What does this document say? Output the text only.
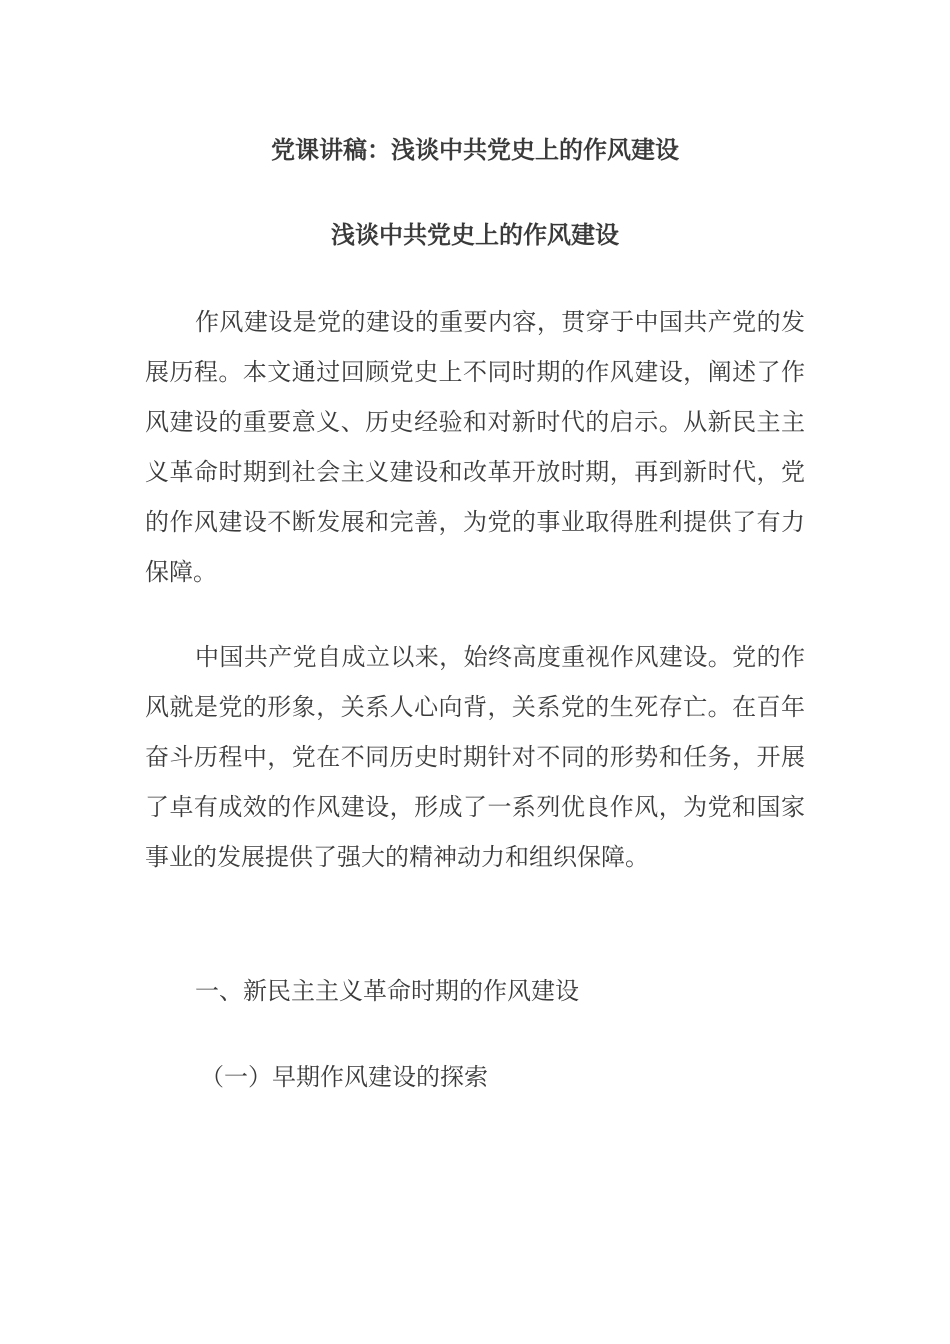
党课讲稿：浅谈中共党史上的作风建设
浅谈中共党史上的作风建设

作风建设是党的建设的重要内容，贯穿于中国共产党的发展历程。本文通过回顾党史上不同时期的作风建设，阐述了作风建设的重要意义、历史经验和对新时代的启示。从新民主主义革命时期到社会主义建设和改革开放时期，再到新时代，党的作风建设不断发展和完善，为党的事业取得胜利提供了有力保障。

中国共产党自成立以来，始终高度重视作风建设。党的作风就是党的形象，关系人心向背，关系党的生死存亡。在百年奋斗历程中，党在不同历史时期针对不同的形势和任务，开展了卓有成效的作风建设，形成了一系列优良作风，为党和国家事业的发展提供了强大的精神动力和组织保障。

一、新民主主义革命时期的作风建设

（一）早期作风建设的探索
